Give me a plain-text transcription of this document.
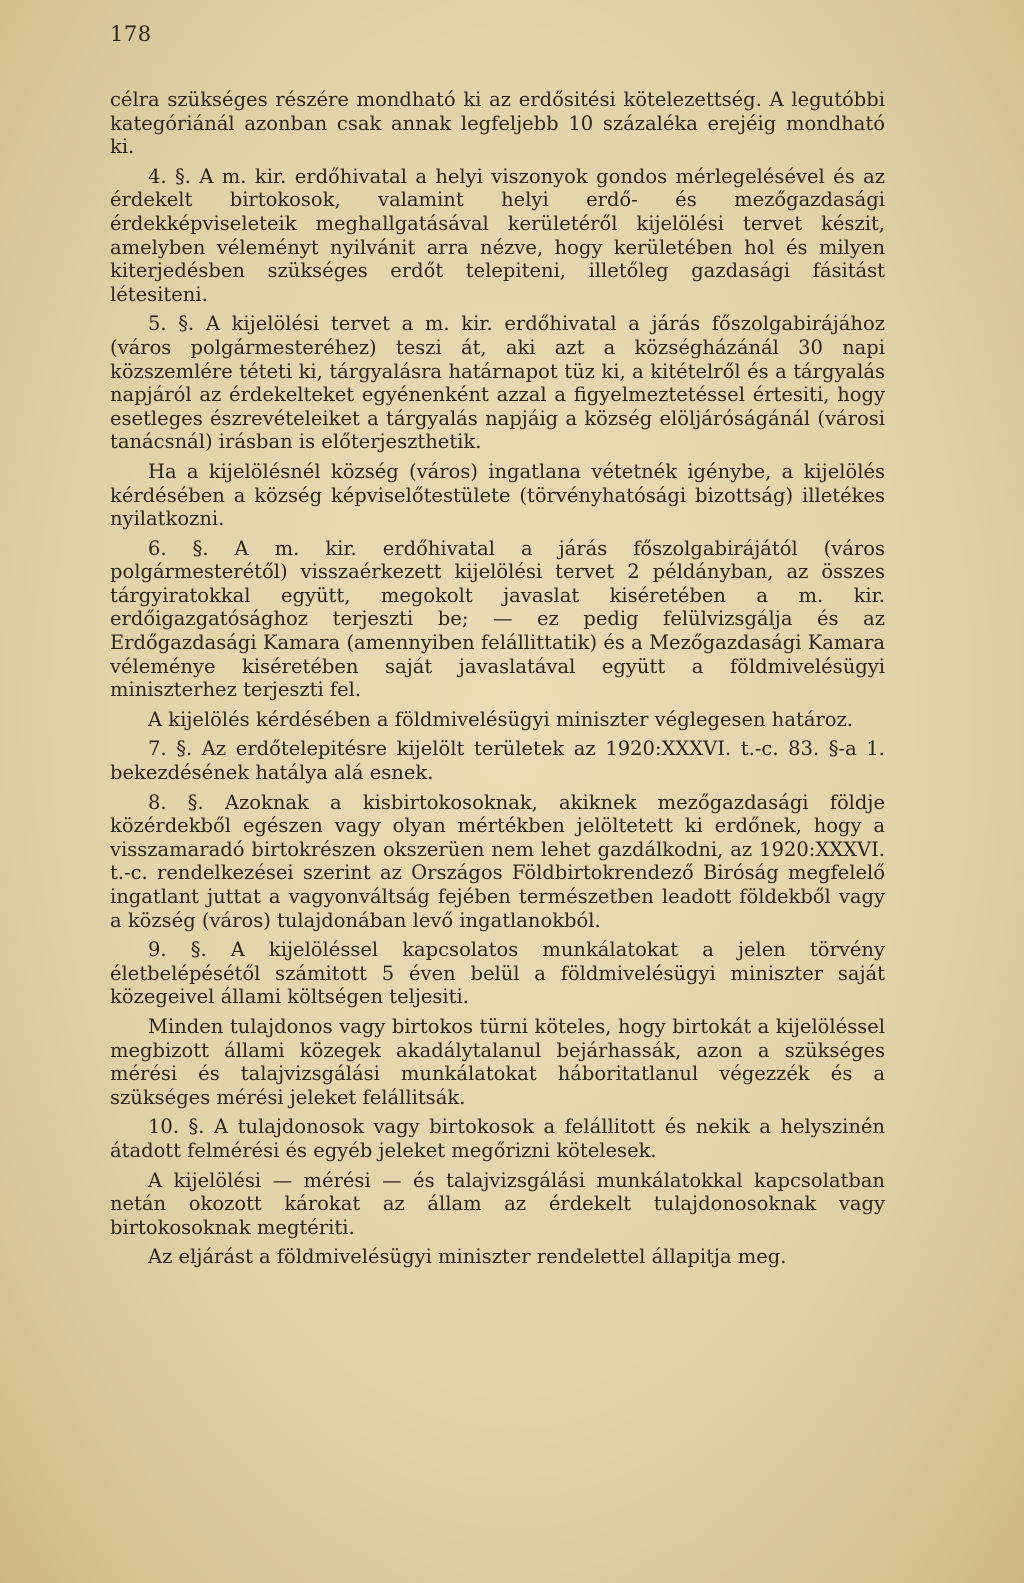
178

célra szükséges részére mondható ki az erdősitési kötelezettség. A legutóbbi kategóriánál azonban csak annak legfeljebb 10 százaléka erejéig mondható ki.

4. §. A m. kir. erdőhivatal a helyi viszonyok gondos mérlegelésével és az érdekelt birtokosok, valamint helyi erdő- és mezőgazdasági érdekképviseleteik meghallgatásával kerületéről kijelölési tervet készit, amelyben véleményt nyilvánit arra nézve, hogy kerületében hol és milyen kiterjedésben szükséges erdőt telepiteni, illetőleg gazdasági fásitást létesiteni.

5. §. A kijelölési tervet a m. kir. erdőhivatal a járás főszolgabirájához (város polgármesteréhez) teszi át, aki azt a községházánál 30 napi közszemlére téteti ki, tárgyalásra határnapot tüz ki, a kitételről és a tárgyalás napjáról az érdekelteket egyénenként azzal a figyelmeztetéssel értesiti, hogy esetleges észrevételeiket a tárgyalás napjáig a község elöljáróságánál (városi tanácsnál) irásban is előterjeszthetik.

Ha a kijelölésnél község (város) ingatlana vétetnék igénybe, a kijelölés kérdésében a község képviselőtestülete (törvényhatósági bizottság) illetékes nyilatkozni.

6. §. A m. kir. erdőhivatal a járás főszolgabirájától (város polgármesterétől) visszaérkezett kijelölési tervet 2 példányban, az összes tárgyiratokkal együtt, megokolt javaslat kiséretében a m. kir. erdőigazgatósághoz terjeszti be; — ez pedig felülvizsgálja és az Erdőgazdasági Kamara (amennyiben felállittatik) és a Mezőgazdasági Kamara véleménye kiséretében saját javaslatával együtt a földmivelésügyi miniszterhez terjeszti fel.

A kijelölés kérdésében a földmivelésügyi miniszter véglegesen határoz.

7. §. Az erdőtelepitésre kijelölt területek az 1920:XXXVI. t.-c. 83. §-a 1. bekezdésének hatálya alá esnek.

8. §. Azoknak a kisbirtokosoknak, akiknek mezőgazdasági földje közérdekből egészen vagy olyan mértékben jelöltetett ki erdőnek, hogy a visszamaradó birtokrészen okszerüen nem lehet gazdálkodni, az 1920:XXXVI. t.-c. rendelkezései szerint az Országos Földbirtokrendező Biróság megfelelő ingatlant juttat a vagyonváltság fejében természetben leadott földekből vagy a község (város) tulajdonában levő ingatlanokból.

9. §. A kijelöléssel kapcsolatos munkálatokat a jelen törvény életbelépésétől számitott 5 éven belül a földmivelésügyi miniszter saját közegeivel állami költségen teljesiti.

Minden tulajdonos vagy birtokos türni köteles, hogy birtokát a kijelöléssel megbizott állami közegek akadálytalanul bejárhassák, azon a szükséges mérési és talajvizsgálási munkálatokat háboritatlanul végezzék és a szükséges mérési jeleket felállitsák.

10. §. A tulajdonosok vagy birtokosok a felállitott és nekik a helyszinén átadott felmérési és egyéb jeleket megőrizni kötelesek.

A kijelölési — mérési — és talajvizsgálási munkálatokkal kapcsolatban netán okozott károkat az állam az érdekelt tulajdonosoknak vagy birtokosoknak megtériti.

Az eljárást a földmivelésügyi miniszter rendelettel állapitja meg.
